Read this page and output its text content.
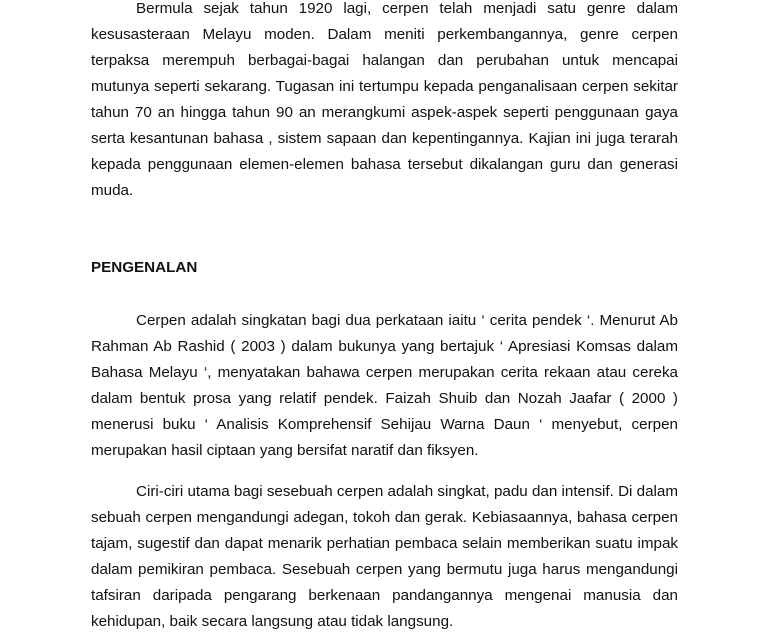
Bermula sejak tahun 1920 lagi, cerpen telah menjadi satu genre dalam kesusasteraan Melayu moden. Dalam meniti perkembangannya, genre cerpen terpaksa merempuh berbagai-bagai halangan dan perubahan untuk mencapai mutunya seperti sekarang. Tugasan ini tertumpu kepada penganalisaan cerpen sekitar tahun 70 an hingga tahun 90 an merangkumi aspek-aspek seperti penggunaan gaya serta kesantunan bahasa , sistem sapaan dan kepentingannya. Kajian ini juga terarah kepada penggunaan elemen-elemen bahasa tersebut dikalangan guru dan generasi muda.

PENGENALAN

Cerpen adalah singkatan bagi dua perkataan iaitu ‘ cerita pendek ‘. Menurut Ab Rahman Ab Rashid ( 2003 ) dalam bukunya yang bertajuk ‘ Apresiasi Komsas dalam Bahasa Melayu ‘, menyatakan bahawa cerpen merupakan cerita rekaan atau cereka dalam bentuk prosa yang relatif pendek. Faizah Shuib dan Nozah Jaafar ( 2000 ) menerusi buku ‘ Analisis Komprehensif Sehijau Warna Daun ‘ menyebut, cerpen merupakan hasil ciptaan yang bersifat naratif dan fiksyen.

Ciri-ciri utama bagi sesebuah cerpen adalah singkat, padu dan intensif. Di dalam sebuah cerpen mengandungi adegan, tokoh dan gerak. Kebiasaannya, bahasa cerpen tajam, sugestif dan dapat menarik perhatian pembaca selain memberikan suatu impak dalam pemikiran pembaca. Sesebuah cerpen yang bermutu juga harus mengandungi tafsiran daripada pengarang berkenaan pandangannya mengenai manusia dan kehidupan, baik secara langsung atau tidak langsung.
